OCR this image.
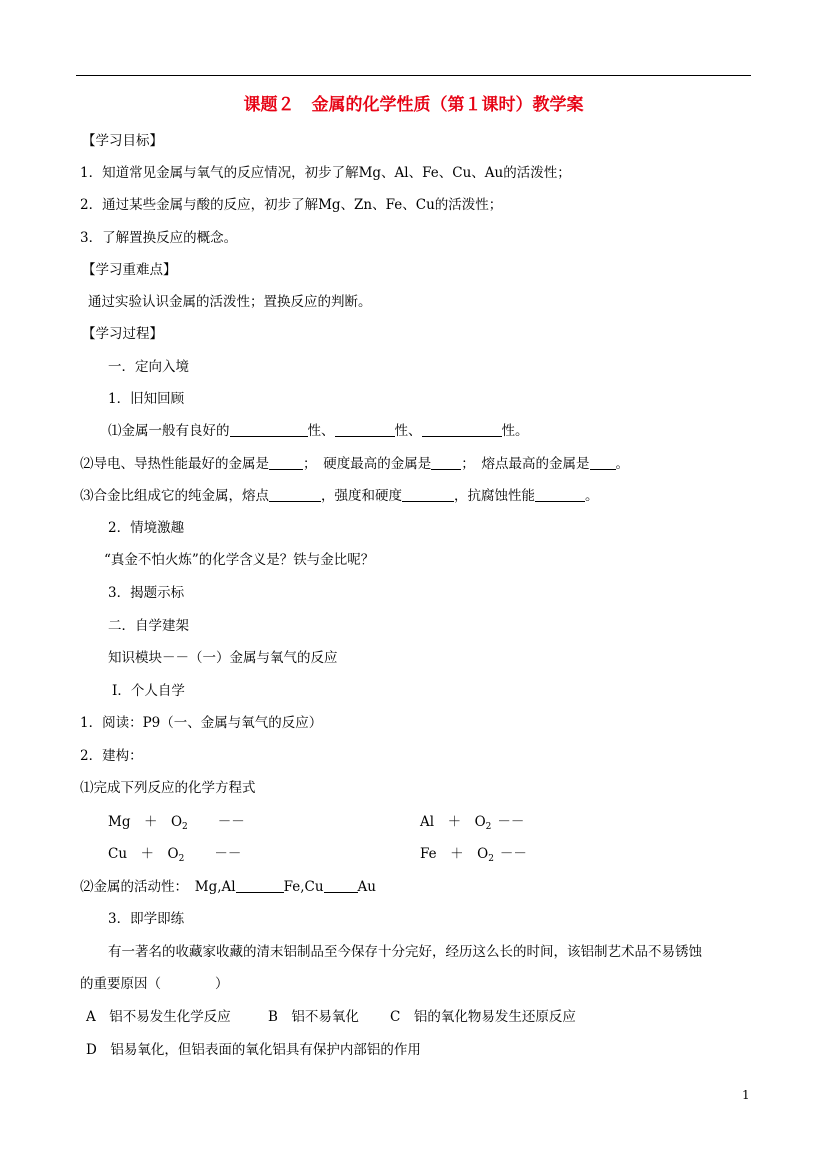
课题２　金属的化学性质（第１课时）教学案
【学习目标】
1．知道常见金属与氧气的反应情况，初步了解Mg、Al、Fe、Cu、Au的活泼性；
2．通过某些金属与酸的反应，初步了解Mg、Zn、Fe、Cu的活泼性；
3．了解置换反应的概念。
【学习重难点】
通过实验认识金属的活泼性；置换反应的判断。
【学习过程】
一．定向入境
1．旧知回顾
⑴金属一般有良好的	性、	性、	性。
⑵导电、导热性能最好的金属是	；　硬度最高的金属是 ；　熔点最高的金属是 。
⑶合金比组成它的纯金属，熔点	，强度和硬度	，抗腐蚀性能	。
2．情境激趣
“真金不怕火炼”的化学含义是？铁与金比呢？
3．揭题示标
二．自学建架
知识模块－－（一）金属与氧气的反应
Ⅰ．个人自学
1．阅读：P9（一、金属与氧气的反应）
2．建构：
⑴完成下列反应的化学方程式
Mg　＋　$O_2$ －－	Al　＋　$O_2$ －－
Cu　＋　$O_2$ －－	Fe　＋　$O_2$ －－
⑵金属的活动性：　Mg,Al	Fe,Cu	Au
3．即学即练
有一著名的收藏家收藏的清末铝制品至今保存十分完好，经历这么长的时间，该铝制艺术品不易锈蚀
的重要原因（　　　　）
A　铝不易发生化学反应	B　铝不易氧化 C　铝的氧化物易发生还原反应
D　铝易氧化，但铝表面的氧化铝具有保护内部铝的作用
1
